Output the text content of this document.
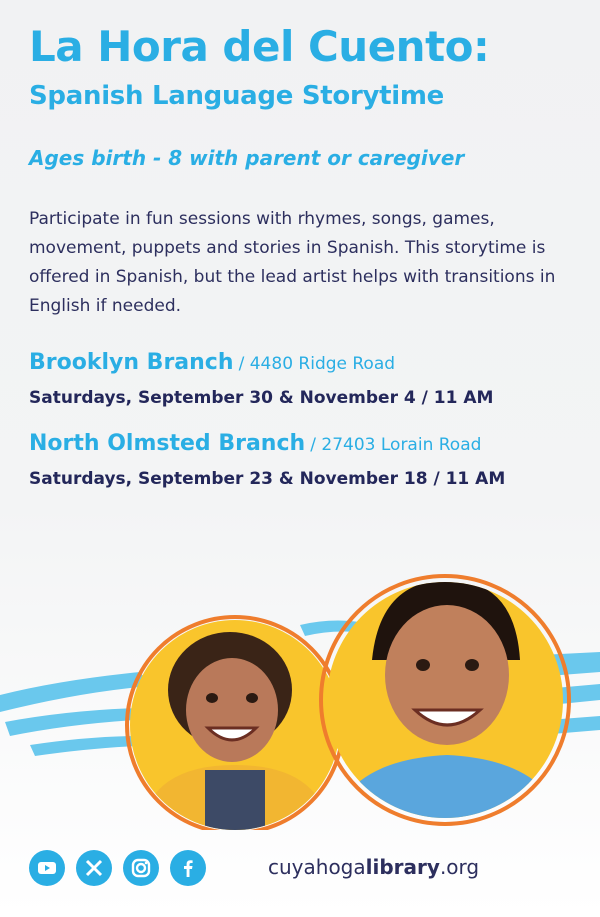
La Hora del Cuento:
Spanish Language Storytime
Ages birth - 8 with parent or caregiver

Participate in fun sessions with rhymes, songs, games, movement, puppets and stories in Spanish. This storytime is offered in Spanish, but the lead artist helps with transitions in English if needed.

Brooklyn Branch / 4480 Ridge Road
Saturdays, September 30 & November 4 / 11 AM
North Olmsted Branch / 27403 Lorain Road
Saturdays, September 23 & November 18 / 11 AM
cuyahogalibrary.org
